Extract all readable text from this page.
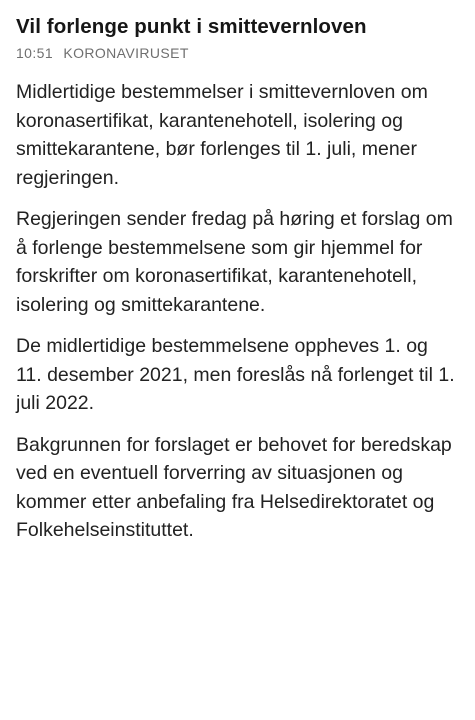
Vil forlenge punkt i smittevernloven
10:51 KORONAVIRUSET

Midlertidige bestemmelser i smittevernloven om koronasertifikat, karantenehotell, isolering og smittekarantene, bør forlenges til 1. juli, mener regjeringen.

Regjeringen sender fredag på høring et forslag om å forlenge bestemmelsene som gir hjemmel for forskrifter om koronasertifikat, karantenehotell, isolering og smittekarantene.

De midlertidige bestemmelsene oppheves 1. og 11. desember 2021, men foreslås nå forlenget til 1. juli 2022.

Bakgrunnen for forslaget er behovet for beredskap ved en eventuell forverring av situasjonen og kommer etter anbefaling fra Helsedirektoratet og Folkehelseinstituttet.
